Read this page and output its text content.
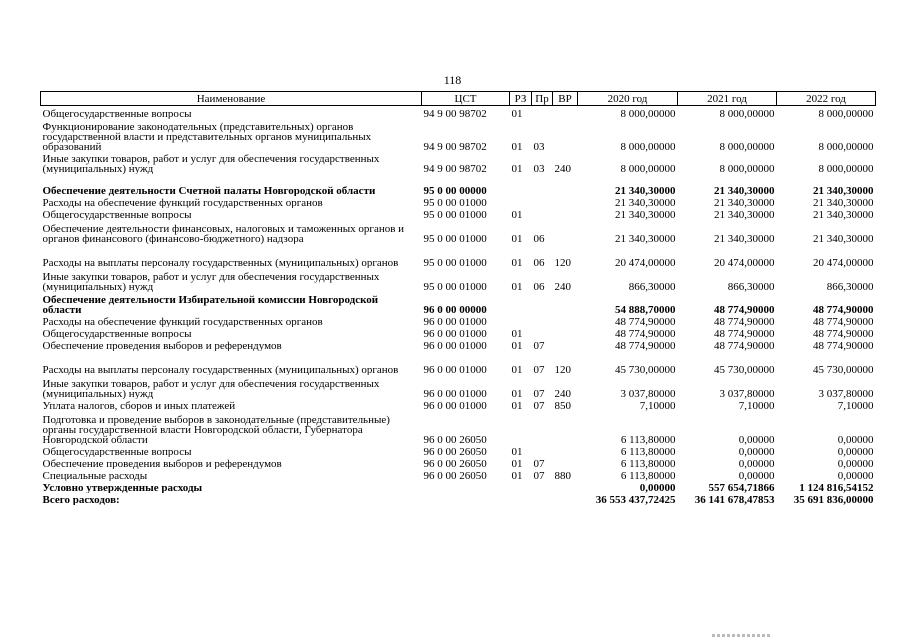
118
Наименование	ЦСТ	РЗ	Пр	ВР	2020 год	2021 год	2022 год
Общегосударственные вопросы	94 9 00 98702	01			8 000,00000	8 000,00000	8 000,00000
Функционирование законодательных (представительных) органов государственной власти и представительных органов муниципальных образований	94 9 00 98702	01	03		8 000,00000	8 000,00000	8 000,00000
Иные закупки товаров, работ и услуг для обеспечения государственных (муниципальных) нужд	94 9 00 98702	01	03	240	8 000,00000	8 000,00000	8 000,00000
Обеспечение деятельности Счетной палаты Новгородской области	95 0 00 00000				21 340,30000	21 340,30000	21 340,30000
Расходы на обеспечение функций государственных органов	95 0 00 01000				21 340,30000	21 340,30000	21 340,30000
Общегосударственные вопросы	95 0 00 01000	01			21 340,30000	21 340,30000	21 340,30000
Обеспечение деятельности финансовых, налоговых и таможенных органов и органов финансового (финансово-бюджетного) надзора	95 0 00 01000	01	06		21 340,30000	21 340,30000	21 340,30000
Расходы на выплаты персоналу государственных (муниципальных) органов	95 0 00 01000	01	06	120	20 474,00000	20 474,00000	20 474,00000
Иные закупки товаров, работ и услуг для обеспечения государственных (муниципальных) нужд	95 0 00 01000	01	06	240	866,30000	866,30000	866,30000
Обеспечение деятельности Избирательной комиссии Новгородской области	96 0 00 00000				54 888,70000	48 774,90000	48 774,90000
Расходы на обеспечение функций государственных органов	96 0 00 01000				48 774,90000	48 774,90000	48 774,90000
Общегосударственные вопросы	96 0 00 01000	01			48 774,90000	48 774,90000	48 774,90000
Обеспечение проведения выборов и референдумов	96 0 00 01000	01	07		48 774,90000	48 774,90000	48 774,90000
Расходы на выплаты персоналу государственных (муниципальных) органов	96 0 00 01000	01	07	120	45 730,00000	45 730,00000	45 730,00000
Иные закупки товаров, работ и услуг для обеспечения государственных (муниципальных) нужд	96 0 00 01000	01	07	240	3 037,80000	3 037,80000	3 037,80000
Уплата налогов, сборов и иных платежей	96 0 00 01000	01	07	850	7,10000	7,10000	7,10000
Подготовка и проведение выборов в законодательные (представительные) органы государственной власти Новгородской области, Губернатора Новгородской области	96 0 00 26050				6 113,80000	0,00000	0,00000
Общегосударственные вопросы	96 0 00 26050	01			6 113,80000	0,00000	0,00000
Обеспечение проведения выборов и референдумов	96 0 00 26050	01	07		6 113,80000	0,00000	0,00000
Специальные расходы	96 0 00 26050	01	07	880	6 113,80000	0,00000	0,00000
Условно утвержденные расходы					0,00000	557 654,71866	1 124 816,54152
Всего расходов:					36 553 437,72425	36 141 678,47853	35 691 836,00000
